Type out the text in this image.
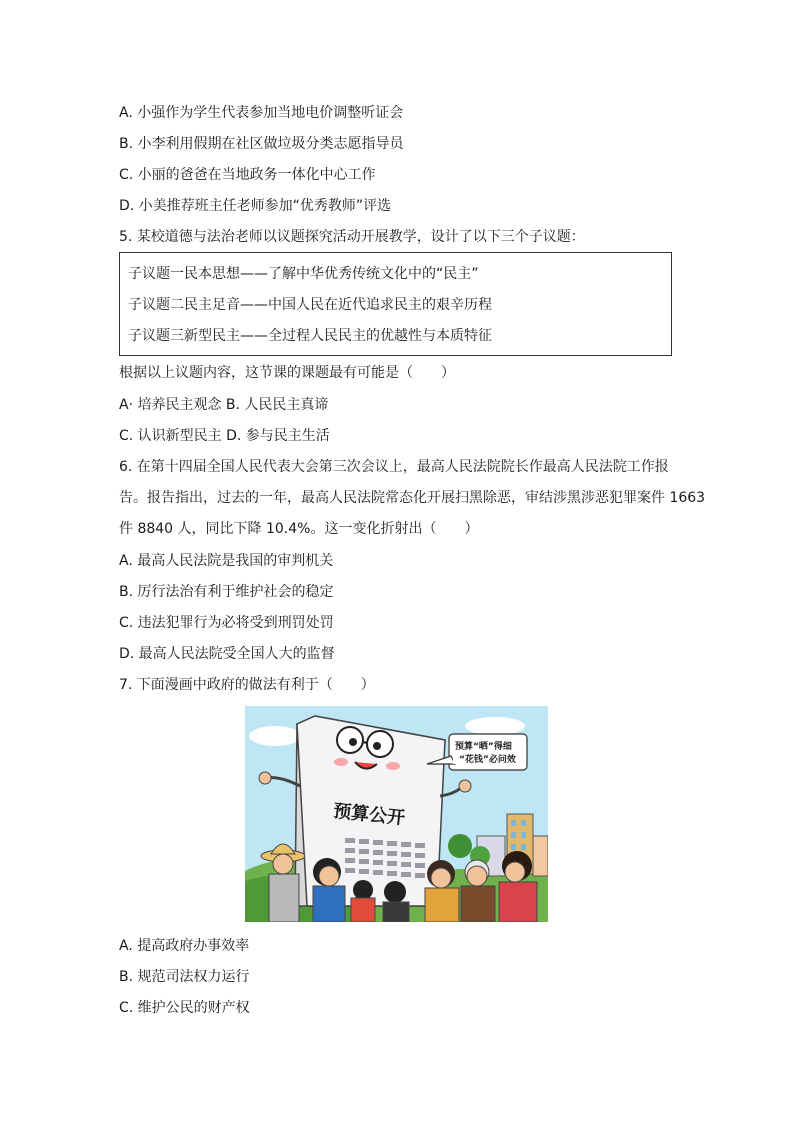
A. 小强作为学生代表参加当地电价调整听证会
B. 小李利用假期在社区做垃圾分类志愿指导员
C. 小丽的爸爸在当地政务一体化中心工作
D. 小美推荐班主任老师参加“优秀教师”评选
5. 某校道德与法治老师以议题探究活动开展教学，设计了以下三个子议题：
子议题一民本思想——了解中华优秀传统文化中的“民主”
子议题二民主足音——中国人民在近代追求民主的艰辛历程
子议题三新型民主——全过程人民民主的优越性与本质特征
根据以上议题内容，这节课的课题最有可能是（　　）
A· 培养民主观念 B. 人民民主真谛
C. 认识新型民主 D. 参与民主生活
6. 在第十四届全国人民代表大会第三次会议上，最高人民法院院长作最高人民法院工作报
告。报告指出，过去的一年，最高人民法院常态化开展扫黑除恶，审结涉黑涉恶犯罪案件 1663
件 8840 人，同比下降 10.4%。这一变化折射出（　　）
A. 最高人民法院是我国的审判机关
B. 厉行法治有利于维护社会的稳定
C. 违法犯罪行为必将受到刑罚处罚
D. 最高人民法院受全国人大的监督
7. 下面漫画中政府的做法有利于（　　）
预算公开
预算“晒”得细
“花钱”必问效
A. 提高政府办事效率
B. 规范司法权力运行
C. 维护公民的财产权
